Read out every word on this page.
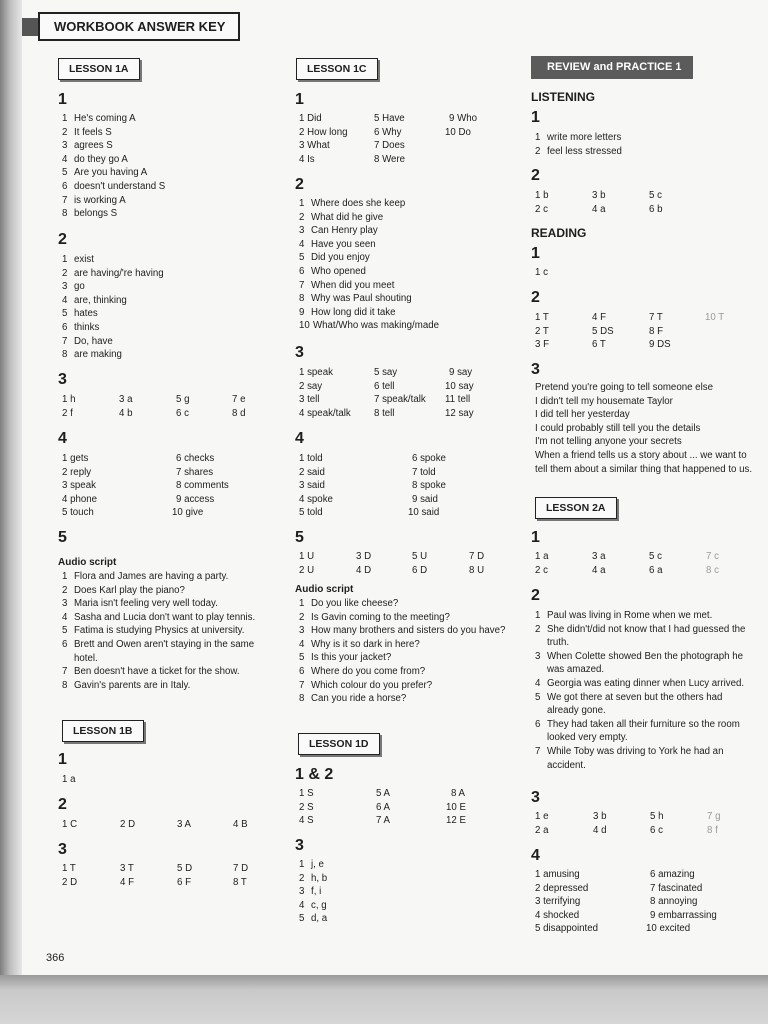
WORKBOOK ANSWER KEY
LESSON 1A
1
1 He's coming A
2 It feels S
3 agrees S
4 do they go A
5 Are you having A
6 doesn't understand S
7 is working A
8 belongs S
2
1 exist
2 are having/'re having
3 go
4 are, thinking
5 hates
6 thinks
7 Do, have
8 are making
3
1 h	3 a	5 g	7 e
2 f	4 b	6 c	8 d
4
1 gets	6 checks
2 reply	7 shares
3 speak	8 comments
4 phone	9 access
5 touch	10 give
5
Audio script
1 Flora and James are having a party.
2 Does Karl play the piano?
3 Maria isn't feeling very well today.
4 Sasha and Lucia don't want to play tennis.
5 Fatima is studying Physics at university.
6 Brett and Owen aren't staying in the same hotel.
7 Ben doesn't have a ticket for the show.
8 Gavin's parents are in Italy.
LESSON 1B
1
1 a
2
1 C	2 D	3 A	4 B
3
1 T	3 T	5 D	7 D
2 D	4 F	6 F	8 T
366
LESSON 1C
1
1 Did	5 Have	9 Who
2 How long	6 Why	10 Do
3 What	7 Does
4 Is	8 Were
2
1 Where does she keep
2 What did he give
3 Can Henry play
4 Have you seen
5 Did you enjoy
6 Who opened
7 When did you meet
8 Why was Paul shouting
9 How long did it take
10 What/Who was making/made
3
1 speak	5 say	9 say
2 say	6 tell	10 say
3 tell	7 speak/talk 11 tell
4 speak/talk 8 tell	12 say
4
1 told	6 spoke
2 said	7 told
3 said	8 spoke
4 spoke	9 said
5 told	10 said
5
1 U	3 D	5 U	7 D
2 U	4 D	6 D	8 U
Audio script
1 Do you like cheese?
2 Is Gavin coming to the meeting?
3 How many brothers and sisters do you have?
4 Why is it so dark in here?
5 Is this your jacket?
6 Where do you come from?
7 Which colour do you prefer?
8 Can you ride a horse?
LESSON 1D
1 & 2
1 S	5 A	8 A
2 S	6 A	10 E
4 S	7 A	12 E
3
1 j, e
2 h, b
3 f, i
4 c, g
5 d, a
REVIEW and PRACTICE 1
LISTENING
1
1 write more letters
2 feel less stressed
2
1 b	3 b	5 c
2 c	4 a	6 b
READING
1
1 c
2
1 T	4 F	7 T	10 T
2 T	5 DS	8 F
3 F	6 T	9 DS
3
Pretend you're going to tell someone else
I didn't tell my housemate Taylor
I did tell her yesterday
I could probably still tell you the details
I'm not telling anyone your secrets
When a friend tells us a story about ... we want to tell them about a similar thing that happened to us.
LESSON 2A
1
1 a	3 a	5 c	7 c
2 c	4 a	6 a	8 c
2
1 Paul was living in Rome when we met.
2 She didn't/did not know that I had guessed the truth.
3 When Colette showed Ben the photograph he was amazed.
4 Georgia was eating dinner when Lucy arrived.
5 We got there at seven but the others had already gone.
6 They had taken all their furniture so the room looked very empty.
7 While Toby was driving to York he had an accident.
3
1 e	3 b	5 h	7 g
2 a	4 d	6 c	8 f
4
1 amusing	6 amazing
2 depressed	7 fascinated
3 terrifying	8 annoying
4 shocked	9 embarrassing
5 disappointed	10 excited
